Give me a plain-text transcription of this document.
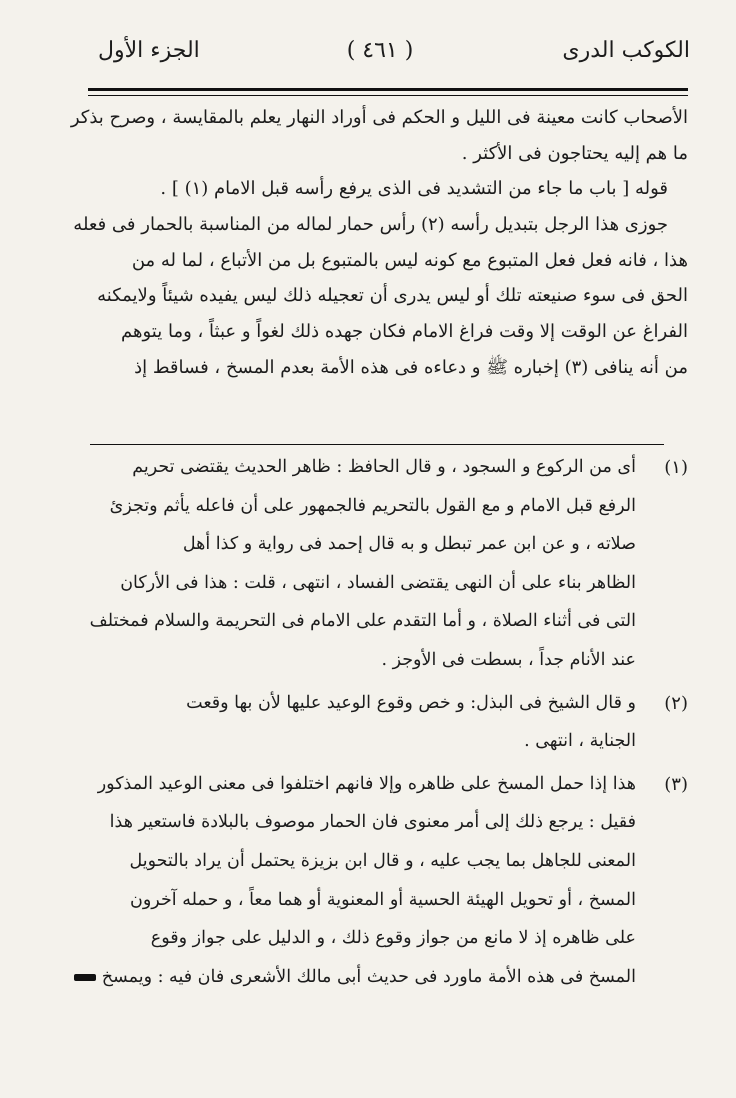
الكوكب الدرى
( ٤٦١ )
الجزء الأول
الأصحاب كانت معينة فى الليل و الحكم فى أوراد النهار يعلم بالمقايسة ، وصرح بذكر
ما هم إليه يحتاجون فى الأكثر .
قوله [ باب ما جاء من التشديد فى الذى يرفع رأسه قبل الامام (١) ] .
جوزى هذا الرجل بتبديل رأسه (٢) رأس حمار لماله من المناسبة بالحمار فى فعله
هذا ، فانه فعل فعل المتبوع مع كونه ليس بالمتبوع بل من الأتباع ، لما له من
الحق فى سوء صنيعته تلك أو ليس يدرى أن تعجيله ذلك ليس يفيده شيئاً ولايمكنه
الفراغ عن الوقت إلا وقت فراغ الامام فكان جهده ذلك لغواً و عبثاً ، وما يتوهم
من أنه ينافى (٣) إخباره ﷺ و دعاءه فى هذه الأمة بعدم المسخ ، فساقط إذ
(١)
أى من الركوع و السجود ، و قال الحافظ : ظاهر الحديث يقتضى تحريم
الرفع قبل الامام و مع القول بالتحريم فالجمهور على أن فاعله يأثم وتجزئ
صلاته ، و عن ابن عمر تبطل و به قال إحمد فى رواية و كذا أهل
الظاهر بناء على أن النهى يقتضى الفساد ، انتهى ، قلت : هذا فى الأركان
التى فى أثناء الصلاة ، و أما التقدم على الامام فى التحريمة والسلام فمختلف
عند الأنام جداً ، بسطت فى الأوجز .
(٢)
و قال الشيخ فى البذل: و خص وقوع الوعيد عليها لأن بها وقعت
الجناية ، انتهى .
(٣)
هذا إذا حمل المسخ على ظاهره وإلا فانهم اختلفوا فى معنى الوعيد المذكور
فقيل : يرجع ذلك إلى أمر معنوى فان الحمار موصوف بالبلادة فاستعير هذا
المعنى للجاهل بما يجب عليه ، و قال ابن بزيزة يحتمل أن يراد بالتحويل
المسخ ، أو تحويل الهيئة الحسية أو المعنوية أو هما معاً ، و حمله آخرون
على ظاهره إذ لا مانع من جواز وقوع ذلك ، و الدليل على جواز وقوع
المسخ فى هذه الأمة ماورد فى حديث أبى مالك الأشعرى فان فيه : ويمسخ
